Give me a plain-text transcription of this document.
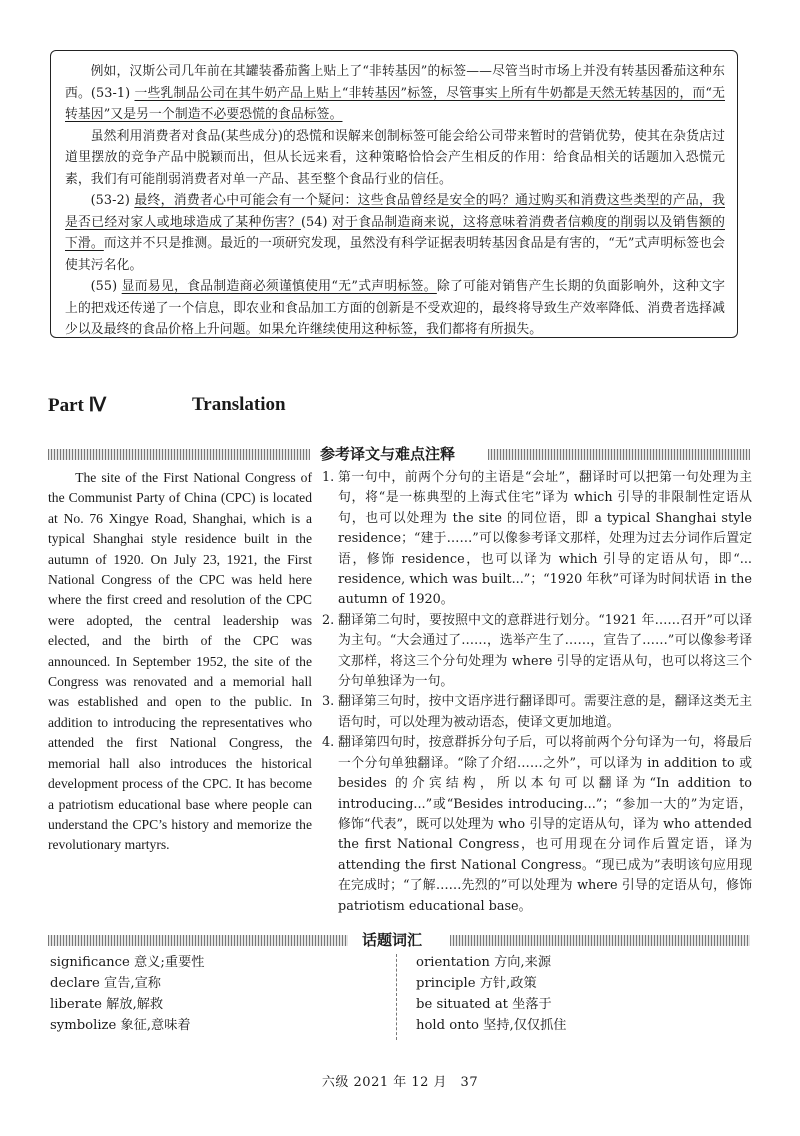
例如，汉斯公司几年前在其罐装番茄酱上贴上了“非转基因”的标签——尽管当时市场上并没有转基因番茄这种东西。(53-1) 一些乳制品公司在其牛奶产品上贴上“非转基因”标签，尽管事实上所有牛奶都是天然无转基因的，而“无转基因”又是另一个制造不必要恐慌的食品标签。

虽然利用消费者对食品(某些成分)的恐慌和误解来创制标签可能会给公司带来暂时的营销优势，使其在杂货店过道里摆放的竞争产品中脱颖而出，但从长远来看，这种策略恰恰会产生相反的作用：给食品相关的话题加入恐慌元素，我们有可能削弱消费者对单一产品、甚至整个食品行业的信任。

(53-2) 最终，消费者心中可能会有一个疑问：这些食品曾经是安全的吗？通过购买和消费这些类型的产品，我是否已经对家人或地球造成了某种伤害？(54) 对于食品制造商来说，这将意味着消费者信赖度的削弱以及销售额的下滑。而这并不只是推测。最近的一项研究发现，虽然没有科学证据表明转基因食品是有害的，“无”式声明标签也会使其污名化。

(55) 显而易见，食品制造商必须谨慎使用“无”式声明标签。除了可能对销售产生长期的负面影响外，这种文字上的把戏还传递了一个信息，即农业和食品加工方面的创新是不受欢迎的，最终将导致生产效率降低、消费者选择减少以及最终的食品价格上升问题。如果允许继续使用这种标签，我们都将有所损失。

Part Ⅳ	Translation
参考译文与难点注释

The site of the First National Congress of the Communist Party of China (CPC) is located at No. 76 Xingye Road, Shanghai, which is a typical Shanghai style residence built in the autumn of 1920. On July 23, 1921, the First National Congress of the CPC was held here where the first creed and resolution of the CPC were adopted, the central leadership was elected, and the birth of the CPC was announced. In September 1952, the site of the Congress was renovated and a memorial hall was established and open to the public. In addition to introducing the representatives who attended the first National Congress, the memorial hall also introduces the historical development process of the CPC. It has become a patriotism educational base where people can understand the CPC’s history and memorize the revolutionary martyrs.

1. 第一句中，前两个分句的主语是“会址”，翻译时可以把第一句处理为主句，将“是一栋典型的上海式住宅”译为 which 引导的非限制性定语从句，也可以处理为 the site 的同位语，即 a typical Shanghai style residence；“建于……”可以像参考译文那样，处理为过去分词作后置定语，修饰 residence，也可以译为 which 引导的定语从句，即“... residence, which was built...”；“1920 年秋”可译为时间状语 in the autumn of 1920。
2. 翻译第二句时，要按照中文的意群进行划分。“1921 年……召开”可以译为主句。“大会通过了……，选举产生了……，宣告了……”可以像参考译文那样，将这三个分句处理为 where 引导的定语从句，也可以将这三个分句单独译为一句。
3. 翻译第三句时，按中文语序进行翻译即可。需要注意的是，翻译这类无主语句时，可以处理为被动语态，使译文更加地道。
4. 翻译第四句时，按意群拆分句子后，可以将前两个分句译为一句，将最后一个分句单独翻译。“除了介绍……之外”，可以译为 in addition to 或 besides 的介宾结构，所以本句可以翻译为“In addition to introducing...”或“Besides introducing...”；“参加一大的”为定语，修饰“代表”，既可以处理为 who 引导的定语从句，译为 who attended the first National Congress，也可用现在分词作后置定语，译为 attending the first National Congress。“现已成为”表明该句应用现在完成时；“了解……先烈的”可以处理为 where 引导的定语从句，修饰 patriotism educational base。
话题词汇
significance 意义;重要性
declare 宣告,宣称
liberate 解放,解救
symbolize 象征,意味着
orientation 方向,来源
principle 方针,政策
be situated at 坐落于
hold onto 坚持,仅仅抓住
六级 2021 年 12 月　37
